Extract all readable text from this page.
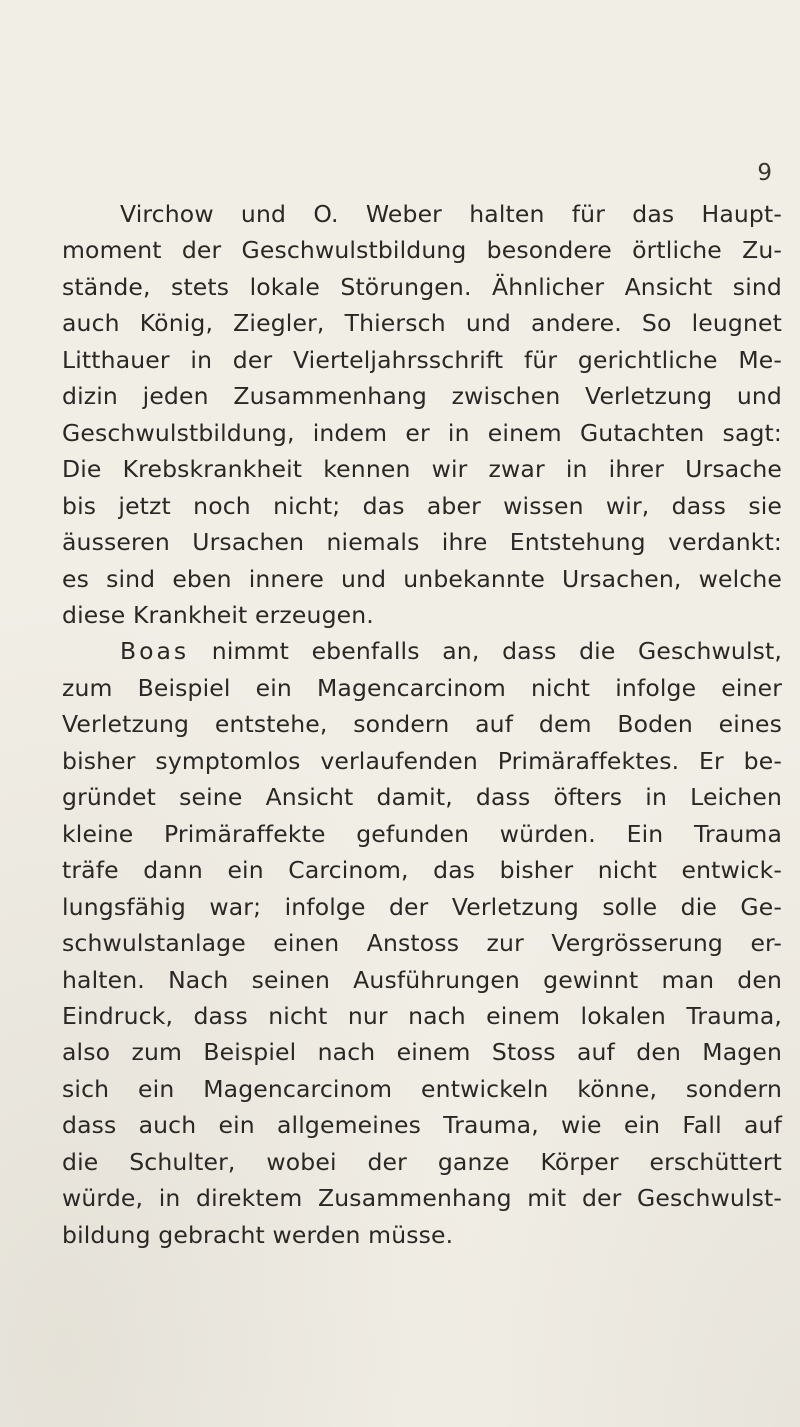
9
Virchow und O. Weber halten für das Haupt-
moment der Geschwulstbildung besondere örtliche Zu-
stände, stets lokale Störungen. Ähnlicher Ansicht sind
auch König, Ziegler, Thiersch und andere. So leugnet
Litthauer in der Vierteljahrsschrift für gerichtliche Me-
dizin jeden Zusammenhang zwischen Verletzung und
Geschwulstbildung, indem er in einem Gutachten sagt:
Die Krebskrankheit kennen wir zwar in ihrer Ursache
bis jetzt noch nicht; das aber wissen wir, dass sie
äusseren Ursachen niemals ihre Entstehung verdankt:
es sind eben innere und unbekannte Ursachen, welche
diese Krankheit erzeugen.
Boas nimmt ebenfalls an, dass die Geschwulst,
zum Beispiel ein Magencarcinom nicht infolge einer
Verletzung entstehe, sondern auf dem Boden eines
bisher symptomlos verlaufenden Primäraffektes. Er be-
gründet seine Ansicht damit, dass öfters in Leichen
kleine Primäraffekte gefunden würden. Ein Trauma
träfe dann ein Carcinom, das bisher nicht entwick-
lungsfähig war; infolge der Verletzung solle die Ge-
schwulstanlage einen Anstoss zur Vergrösserung er-
halten. Nach seinen Ausführungen gewinnt man den
Eindruck, dass nicht nur nach einem lokalen Trauma,
also zum Beispiel nach einem Stoss auf den Magen
sich ein Magencarcinom entwickeln könne, sondern
dass auch ein allgemeines Trauma, wie ein Fall auf
die Schulter, wobei der ganze Körper erschüttert
würde, in direktem Zusammenhang mit der Geschwulst-
bildung gebracht werden müsse.
